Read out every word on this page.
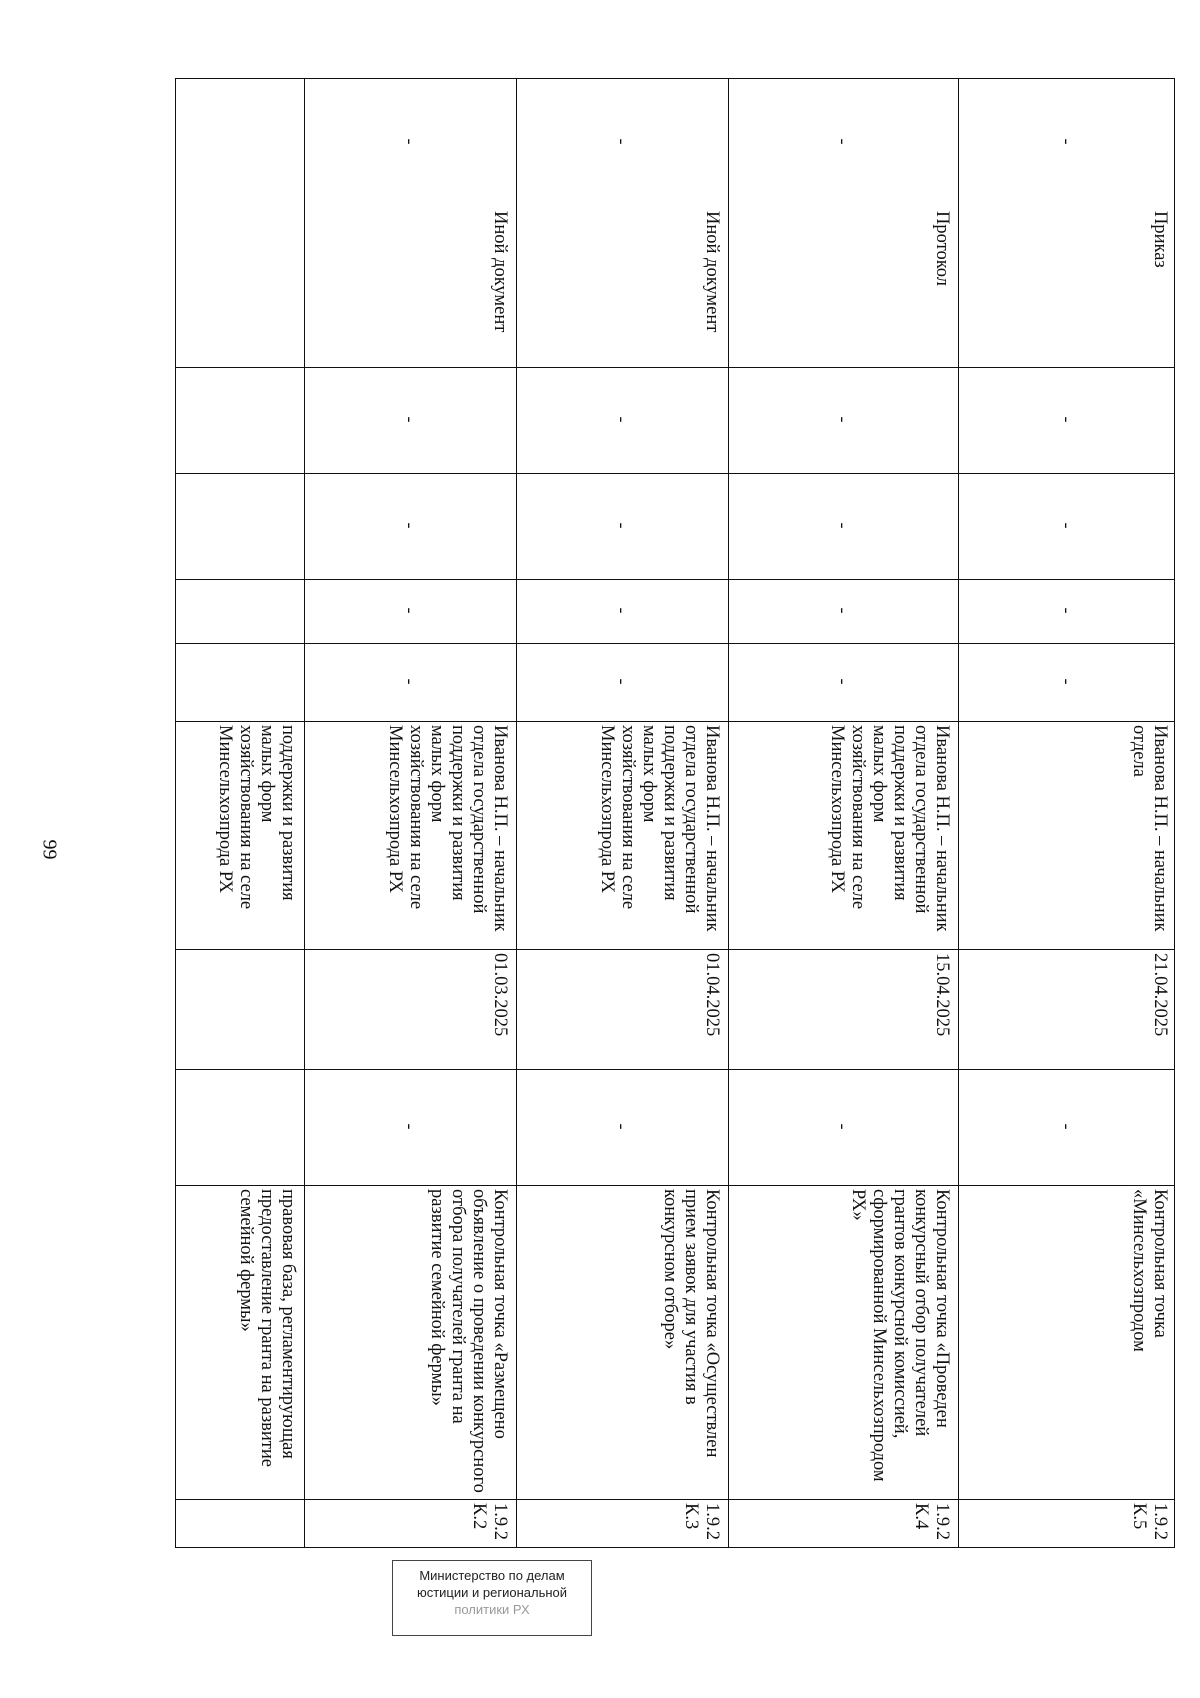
99	поддержки и развития малых форм хозяйствования на селе Минсельхозпрода РХ
правовая база, регламентирующая предоставление гранта на развитие семейной фермы»
-
Иной документ
-
-
-
-
Иванова Н.П. – начальник отдела государственной поддержки и развития малых форм хозяйствования на селе Минсельхозпрода РХ
01.03.2025
-
Контрольная точка «Размещено объявление о проведении конкурсного отбора получателей гранта на развитие семейной фермы»
1.9.2 К.2
-
Иной документ
-
-
-
-
Иванова Н.П. – начальник отдела государственной поддержки и развития малых форм хозяйствования на селе Минсельхозпрода РХ
01.04.2025
-
Контрольная точка «Осуществлен прием заявок для участия в конкурсном отборе»
1.9.2 К.3
-
Протокол
-
-
-
-
Иванова Н.П. – начальник отдела государственной поддержки и развития малых форм хозяйствования на селе Минсельхозпрода РХ
15.04.2025
-
Контрольная точка «Проведен конкурсный отбор получателей грантов конкурсной комиссией, сформированной Минсельхозпродом РХ»
1.9.2 К.4
-
Приказ
-
-
-
-
Иванова Н.П. – начальник отдела
21.04.2025
-
Контрольная точка «Минсельхозпродом
1.9.2 К.5
Министерство по делам
юстиции и региональной
политики РХ
